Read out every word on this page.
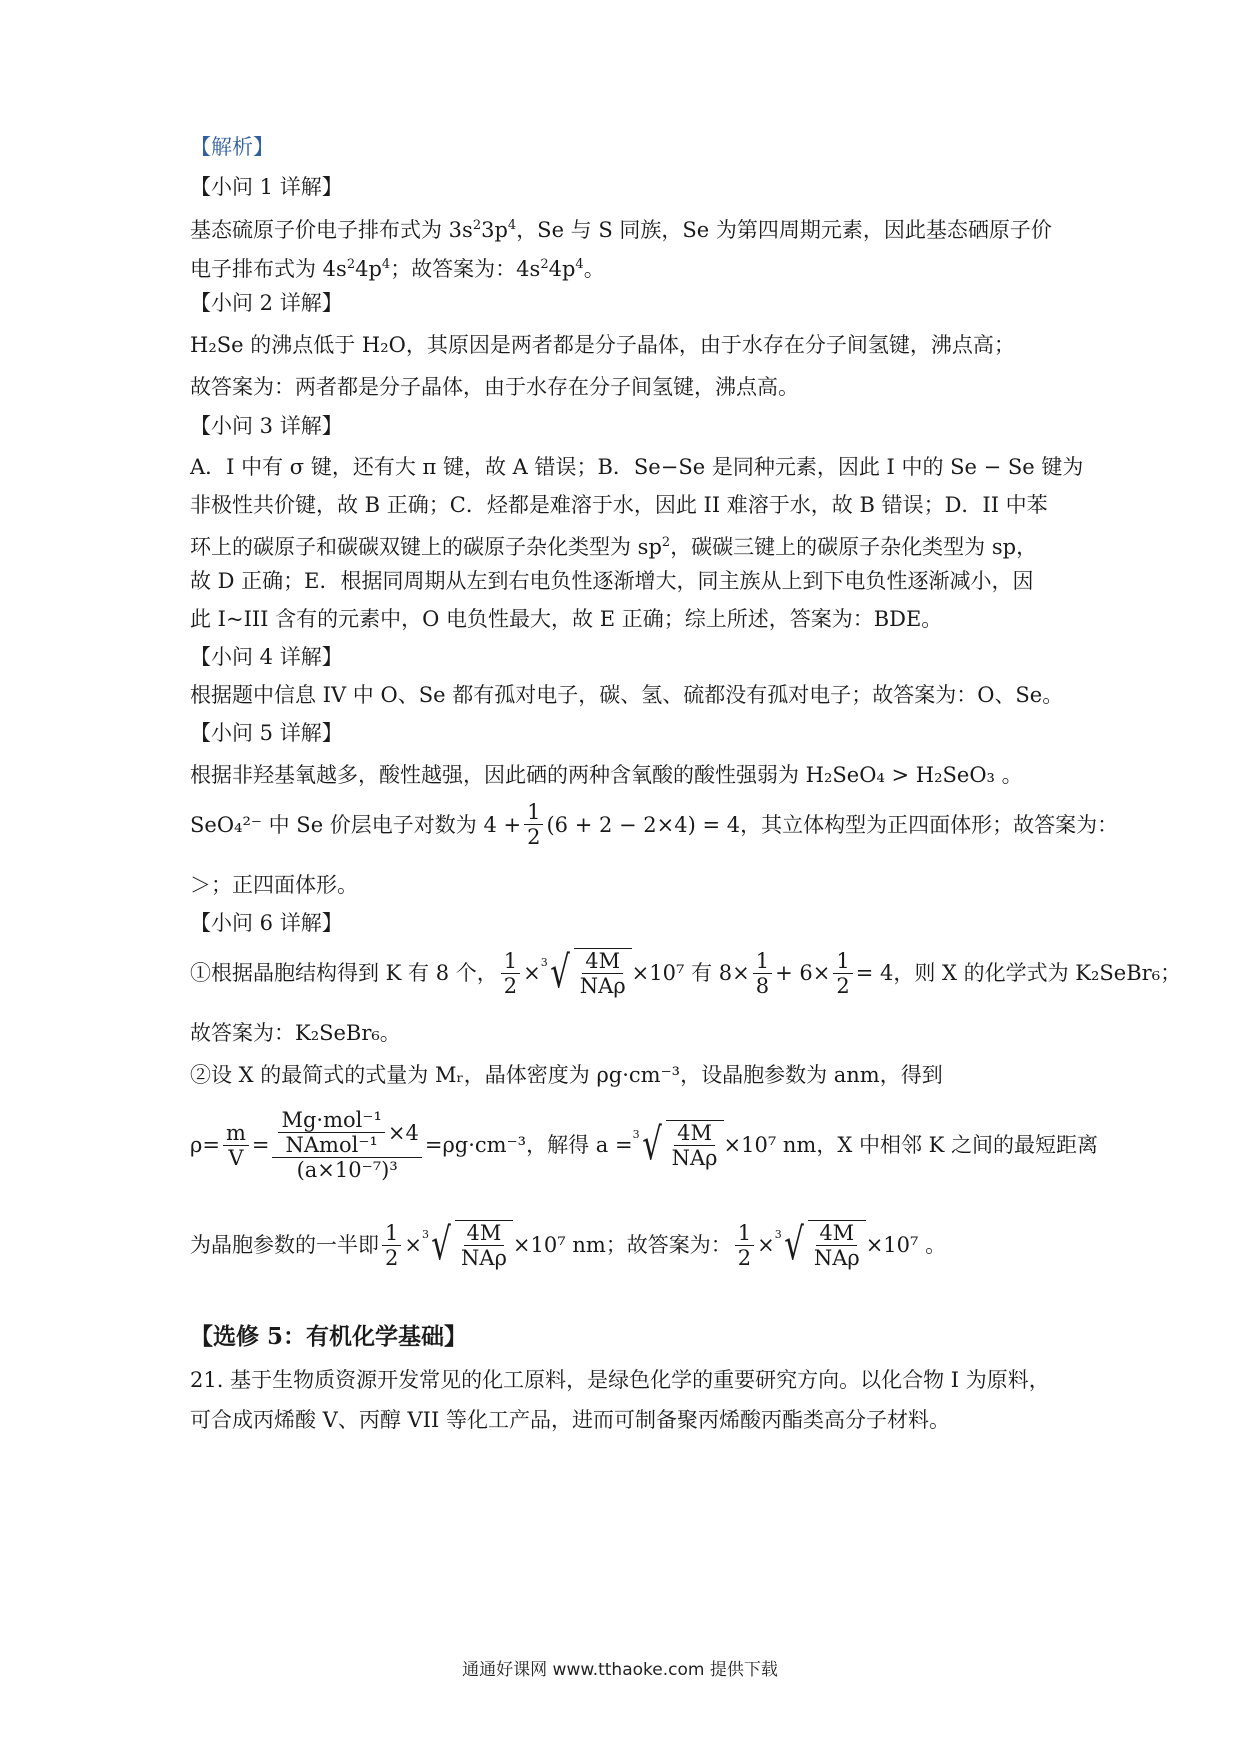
【解析】
【小问 1 详解】
基态硫原子价电子排布式为 $3s^23p^4$，Se 与 S 同族，Se 为第四周期元素，因此基态硒原子价
电子排布式为 $4s^24p^4$；故答案为：$4s^24p^4$。
【小问 2 详解】
H₂Se 的沸点低于 H₂O，其原因是两者都是分子晶体，由于水存在分子间氢键，沸点高；
故答案为：两者都是分子晶体，由于水存在分子间氢键，沸点高。
【小问 3 详解】
A．I 中有 σ 键，还有大 π 键，故 A 错误；B．Se−Se 是同种元素，因此 I 中的 Se − Se 键为
非极性共价键，故 B 正确；C．烃都是难溶于水，因此 II 难溶于水，故 B 错误；D．II 中苯
环上的碳原子和碳碳双键上的碳原子杂化类型为 $sp^2$，碳碳三键上的碳原子杂化类型为 sp，
故 D 正确；E．根据同周期从左到右电负性逐渐增大，同主族从上到下电负性逐渐减小，因
此 I~III 含有的元素中，O 电负性最大，故 E 正确；综上所述，答案为：BDE。
【小问 4 详解】
根据题中信息 IV 中 O、Se 都有孤对电子，碳、氢、硫都没有孤对电子；故答案为：O、Se。
【小问 5 详解】
根据非羟基氧越多，酸性越强，因此硒的两种含氧酸的酸性强弱为 H₂SeO₄ > H₂SeO₃ 。
SeO₄²⁻ 中 Se 价层电子对数为 $4 + \frac{1}{2} (6 + 2 - 2\times 4) = 4$，其立体构型为正四面体形；故答案为：
＞；正四面体形。
【小问 6 详解】
①根据晶胞结构得到 K 有 8 个， $\frac{1}{2} \times 3$ √ $\frac{4M}{\text{NAρ}} \times 10^7$ 有 $8\times \frac{1}{8} + 6\times \frac{1}{2} = 4$，则 X 的化学式为 K₂SeBr₆；
故答案为：K₂SeBr₆。
②设 X 的最简式的式量为 Mᵣ，晶体密度为 ρg·cm⁻³，设晶胞参数为 anm，得到
$\rho= \frac{m}{V} = \frac{\frac{\text{Mg·mol⁻¹}}{\text{NAmol⁻¹}} \times 4}{\text{(a×10⁻⁷)³}} =\rho g\cdot cm^{-3}$，解得 a = 3 √ $\frac{4M}{\text{NAρ}} \times 10^7$ nm，X 中相邻 K 之间的最短距离
为晶胞参数的一半即 $\frac{1}{2} \times 3$ √ $\frac{4M}{\text{NAρ}} \times 10^7$ nm；故答案为： $\frac{1}{2} \times 3$ √ $\frac{4M}{\text{NAρ}} \times 10^7$ 。
【选修 5：有机化学基础】
21. 基于生物质资源开发常见的化工原料，是绿色化学的重要研究方向。以化合物 I 为原料，
可合成丙烯酸 V、丙醇 VII 等化工产品，进而可制备聚丙烯酸丙酯类高分子材料。
通通好课网 www.tthaoke.com 提供下载
